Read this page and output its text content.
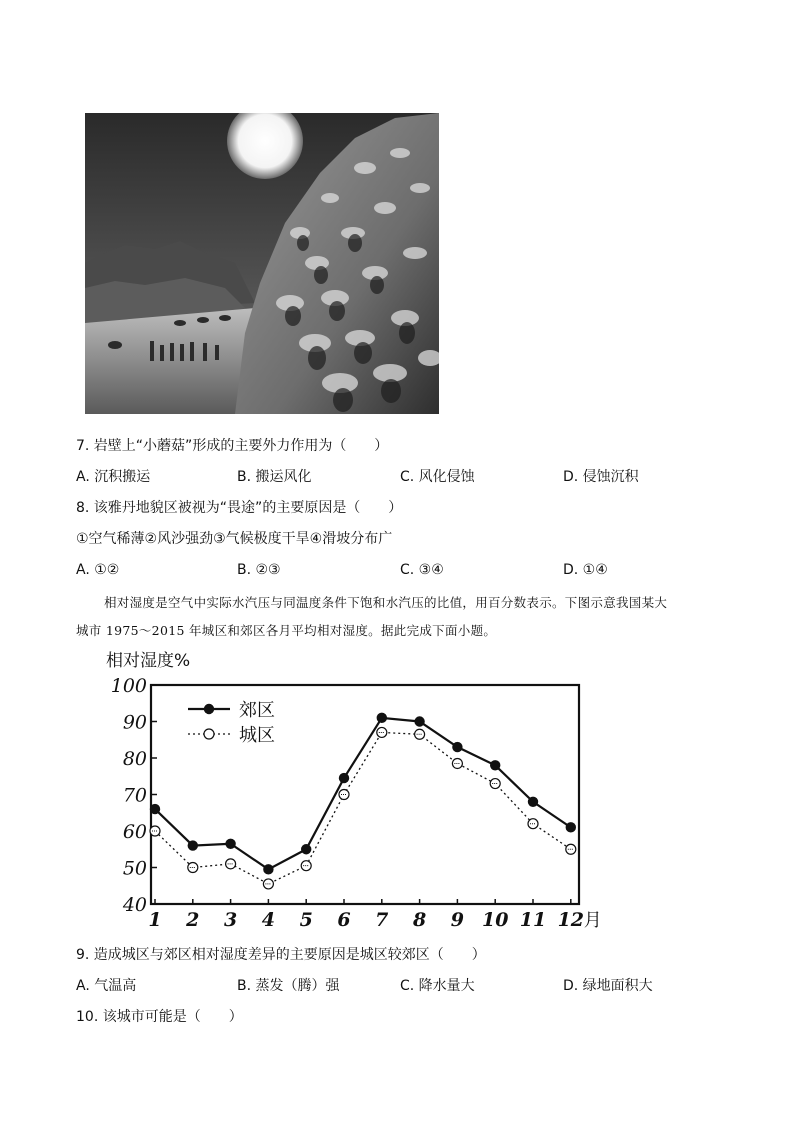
7. 岩壁上“小蘑菇”形成的主要外力作用为（　　）
A. 沉积搬运	B. 搬运风化	C. 风化侵蚀	D. 侵蚀沉积
8. 该雅丹地貌区被视为“畏途”的主要原因是（　　）
①空气稀薄②风沙强劲③气候极度干旱④滑坡分布广
A. ①②	B. ②③	C. ③④	D. ①④
相对湿度是空气中实际水汽压与同温度条件下饱和水汽压的比值，用百分数表示。下图示意我国某大
城市 1975～2015 年城区和郊区各月平均相对湿度。据此完成下面小题。
相对湿度%
40
50
60
70
80
90
100
1 2 3 4 5 6 7 8 9 10 11 12 月
郊区
城区
9. 造成城区与郊区相对湿度差异的主要原因是城区较郊区（　　）
A. 气温高	B. 蒸发（腾）强	C. 降水量大	D. 绿地面积大
10. 该城市可能是（　　）
